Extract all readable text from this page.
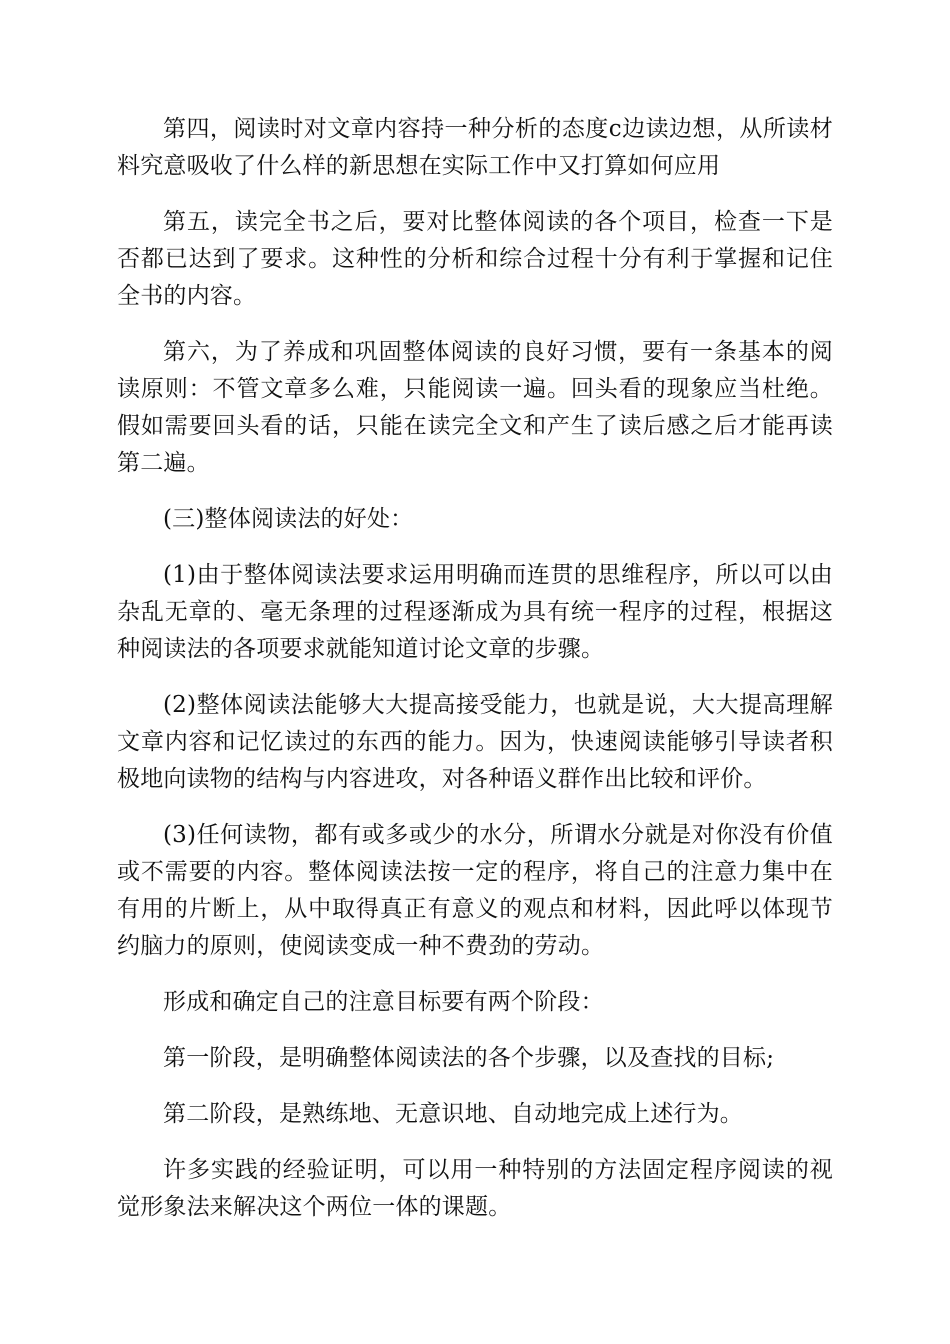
第四，阅读时对文章内容持一种分析的态度c边读边想，从所读材料究意吸收了什么样的新思想在实际工作中又打算如何应用

第五，读完全书之后，要对比整体阅读的各个项目，检查一下是否都已达到了要求。这种性的分析和综合过程十分有利于掌握和记住全书的内容。

第六，为了养成和巩固整体阅读的良好习惯，要有一条基本的阅读原则：不管文章多么难，只能阅读一遍。回头看的现象应当杜绝。假如需要回头看的话，只能在读完全文和产生了读后感之后才能再读第二遍。

(三)整体阅读法的好处：

(1)由于整体阅读法要求运用明确而连贯的思维程序，所以可以由杂乱无章的、毫无条理的过程逐渐成为具有统一程序的过程，根据这种阅读法的各项要求就能知道讨论文章的步骤。

(2)整体阅读法能够大大提高接受能力，也就是说，大大提高理解文章内容和记忆读过的东西的能力。因为，快速阅读能够引导读者积极地向读物的结构与内容进攻，对各种语义群作出比较和评价。

(3)任何读物，都有或多或少的水分，所谓水分就是对你没有价值或不需要的内容。整体阅读法按一定的程序，将自己的注意力集中在有用的片断上，从中取得真正有意义的观点和材料，因此呼以体现节约脑力的原则，使阅读变成一种不费劲的劳动。

形成和确定自己的注意目标要有两个阶段：

第一阶段，是明确整体阅读法的各个步骤，以及查找的目标;

第二阶段，是熟练地、无意识地、自动地完成上述行为。

许多实践的经验证明，可以用一种特别的方法固定程序阅读的视觉形象法来解决这个两位一体的课题。
